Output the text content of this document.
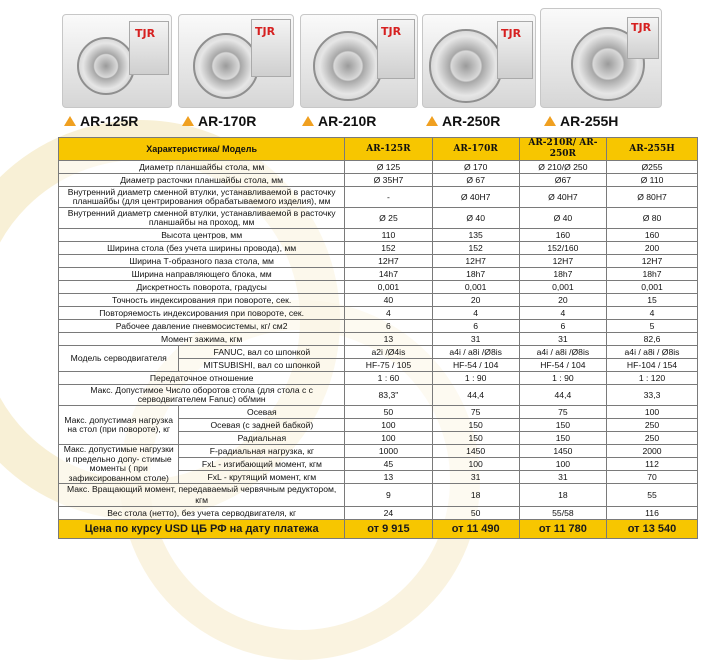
TJR	TJR	TJR	TJR	TJR
AR-125R	AR-170R	AR-210R	AR-250R	AR-255H
Характеристика/ Модель		AR-125R	AR-170R	AR-210R/ AR-250R	AR-255H
Диаметр планшайбы стола, мм		Ø 125	Ø 170	Ø 210/Ø 250	Ø255
Диаметр расточки планшайбы стола, мм		Ø 35H7	Ø 67	Ø67	Ø 110
Внутренний диаметр сменной втулки, устанавливаемой в расточку планшайбы (для центрирования обрабатываемого изделия), мм		-	Ø 40H7	Ø 40H7	Ø 80H7
Внутренний диаметр сменной втулки, устанавливаемой в расточку планшайбы на проход, мм		Ø 25	Ø 40	Ø 40	Ø 80
Высота центров, мм		110	135	160	160
Ширина стола (без учета ширины провода), мм		152	152	152/160	200
Ширина Т-образного паза стола, мм		12H7	12H7	12H7	12H7
Ширина направляющего блока, мм		14h7	18h7	18h7	18h7
Дискретность поворота, градусы		0,001	0,001	0,001	0,001
Точность индексирования при повороте, сек.		40	20	20	15
Повторяемость индексирования при повороте, сек.		4	4	4	4
Рабочее давление пневмосистемы, кг/ см2		6	6	6	5
Момент зажима, кгм		13	31	31	82,6
Модель серводвигателя	FANUC, вал со шпонкой	a2i /Ø4is	a4i / a8i /Ø8is	a4i / a8i /Ø8is	a4i / a8i / Ø8is
	MITSUBISHI, вал со шпонкой	HF-75 / 105	HF-54 / 104	HF-54 / 104	HF-104 / 154
Передаточное отношение		1 : 60	1 : 90	1 : 90	1 : 120
Макс. Допустимое Число оборотов стола (для стола с с серводвигателем Fanuc) об/мин		83,3"	44,4	44,4	33,3
Макс. допустимая нагрузка на стол (при повороте), кг	Осевая	50	75	75	100
	Осевая (с задней бабкой)	100	150	150	250
	Радиальная	100	150	150	250
Макс. допустимые нагрузки и предельно допу- стимые моменты ( при зафиксированном столе)	F-радиальная нагрузка, кг	1000	1450	1450	2000
	FxL - изгибающий момент, кгм	45	100	100	112
	FxL - крутящий момент, кгм	13	31	31	70
Макс. Вращающий момент, передаваемый червячным редуктором, кгм		9	18	18	55
Вес стола (нетто), без учета серводвигателя, кг		24	50	55/58	116
Цена по курсу USD ЦБ РФ на дату платежа		от 9 915	от 11 490	от 11 780	от 13 540
